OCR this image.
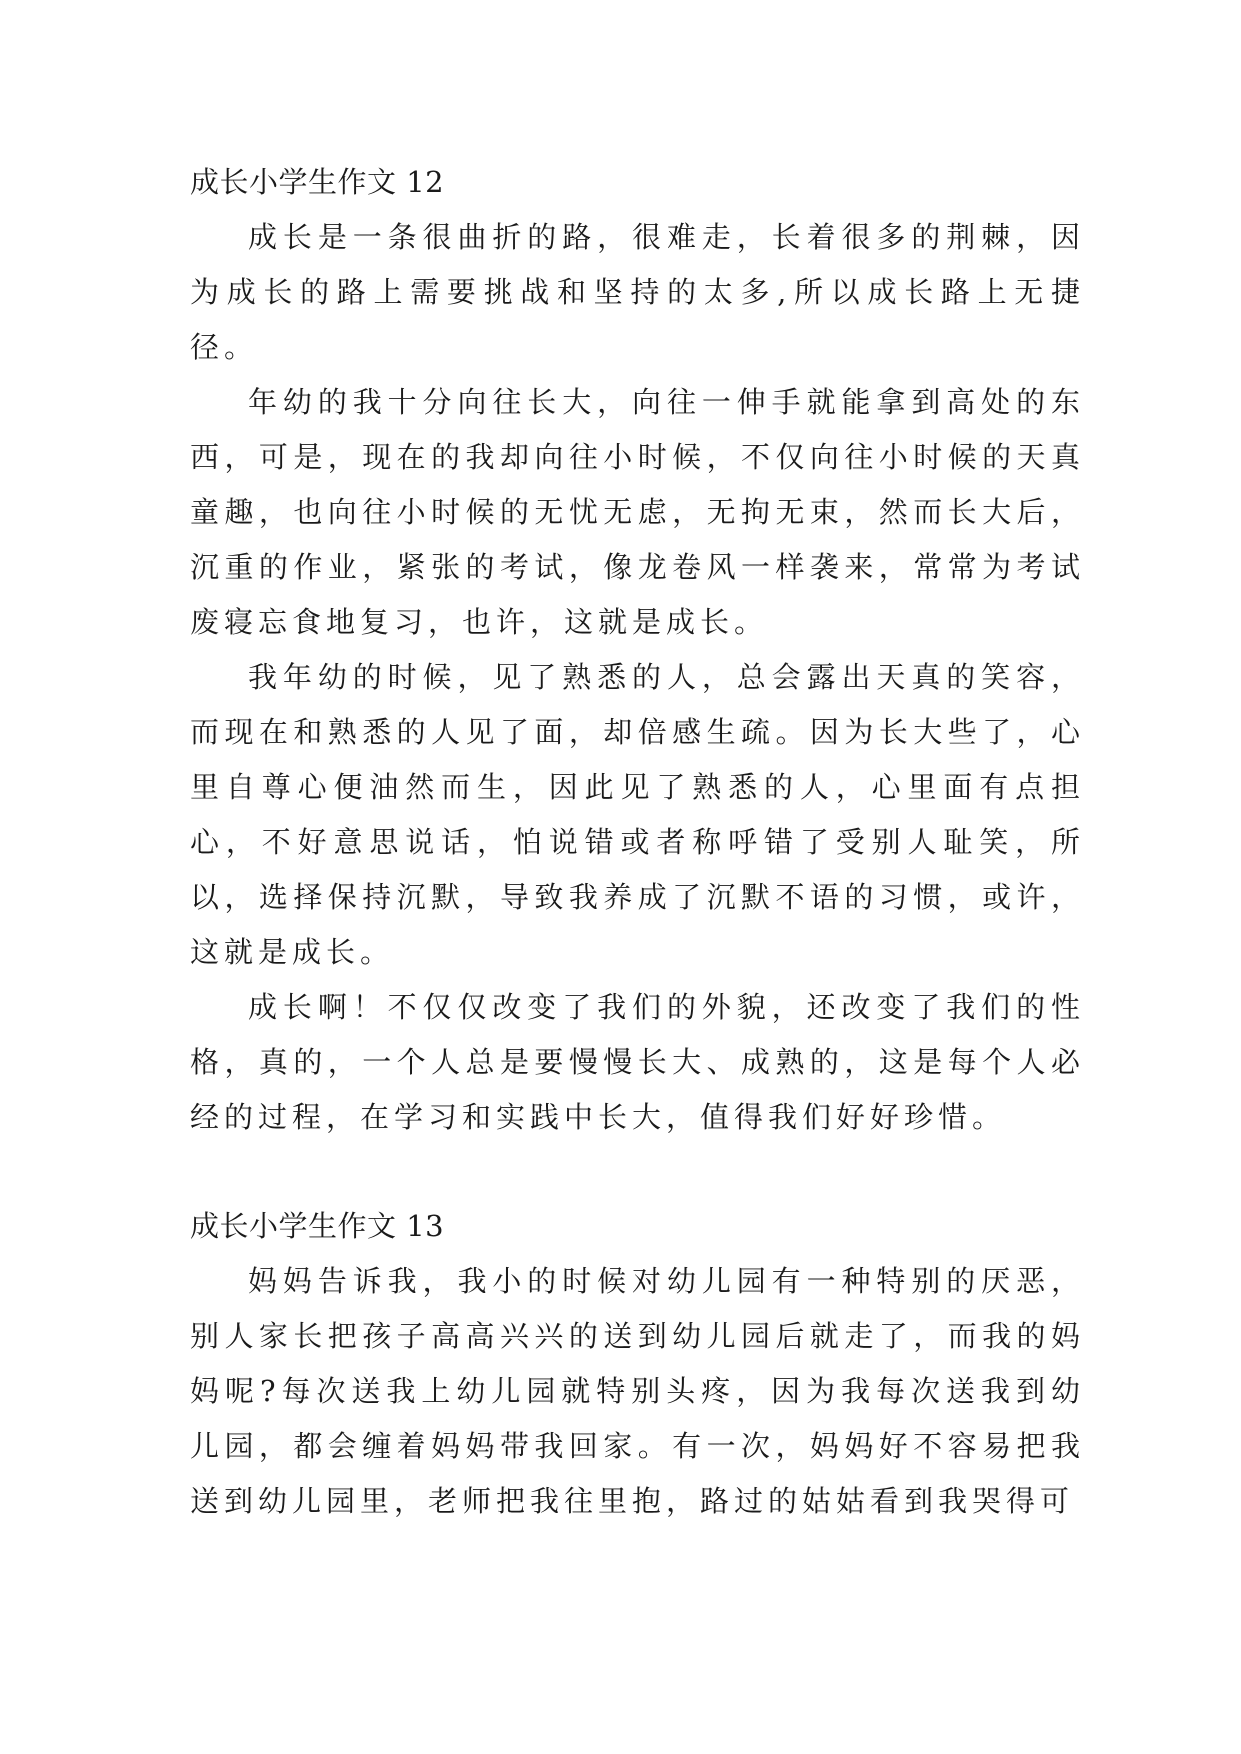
成长小学生作文 12

成长是一条很曲折的路，很难走，长着很多的荆棘，因为成长的路上需要挑战和坚持的太多,所以成长路上无捷径。

年幼的我十分向往长大，向往一伸手就能拿到高处的东西，可是，现在的我却向往小时候，不仅向往小时候的天真童趣，也向往小时候的无忧无虑，无拘无束，然而长大后，沉重的作业，紧张的考试，像龙卷风一样袭来，常常为考试废寝忘食地复习，也许，这就是成长。

我年幼的时候，见了熟悉的人，总会露出天真的笑容，而现在和熟悉的人见了面，却倍感生疏。因为长大些了，心里自尊心便油然而生，因此见了熟悉的人，心里面有点担心，不好意思说话，怕说错或者称呼错了受别人耻笑，所以，选择保持沉默，导致我养成了沉默不语的习惯，或许，这就是成长。

成长啊！不仅仅改变了我们的外貌，还改变了我们的性格，真的，一个人总是要慢慢长大、成熟的，这是每个人必经的过程，在学习和实践中长大，值得我们好好珍惜。

成长小学生作文 13

妈妈告诉我，我小的时候对幼儿园有一种特别的厌恶，别人家长把孩子高高兴兴的送到幼儿园后就走了，而我的妈妈呢?每次送我上幼儿园就特别头疼，因为我每次送我到幼儿园，都会缠着妈妈带我回家。有一次，妈妈好不容易把我送到幼儿园里，老师把我往里抱，路过的姑姑看到我哭得可
